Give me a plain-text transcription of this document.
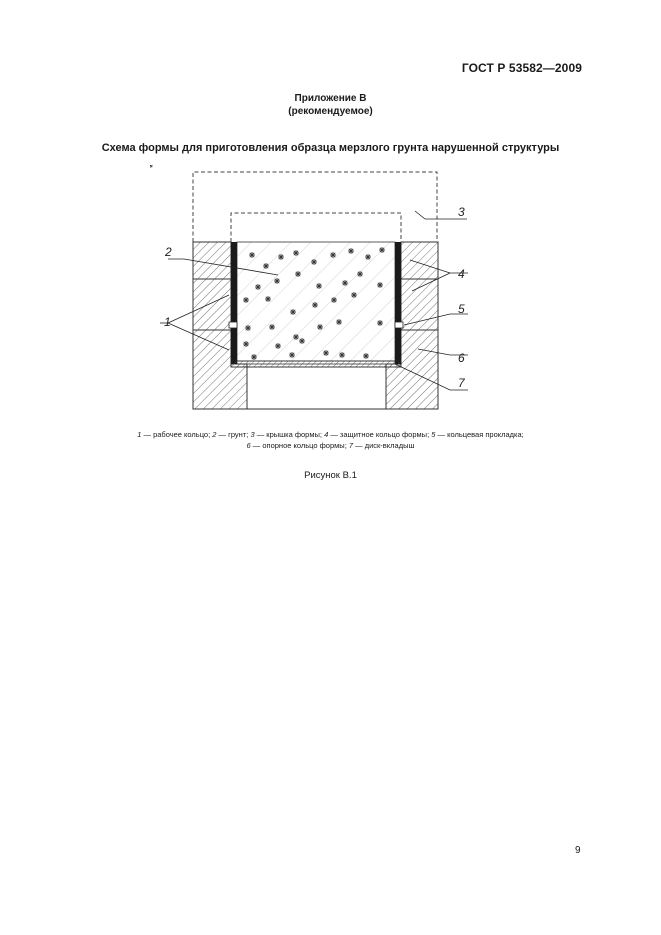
ГОСТ Р 53582—2009
Приложение В
(рекомендуемое)
Схема формы для приготовления образца мерзлого грунта нарушенной структуры
2
3
4
5
1
6
7
1 — рабочее кольцо; 2 — грунт; 3 — крышка формы; 4 — защитное кольцо формы; 5 — кольцевая прокладка;
6 — опорное кольцо формы; 7 — диск-вкладыш
Рисунок В.1
9
